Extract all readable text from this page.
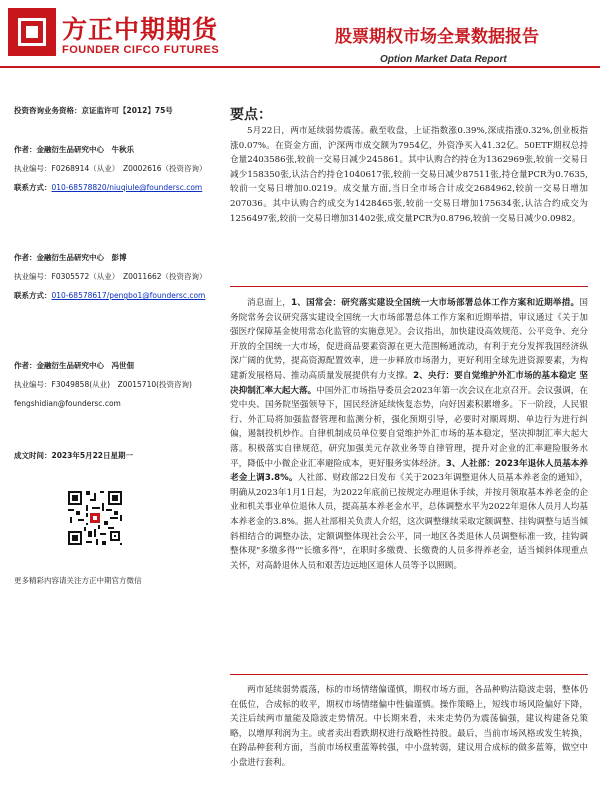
方正中期期货
FOUNDER CIFCO FUTURES
股票期权市场全景数据报告
Option Market Data Report
投资咨询业务资格：京证监许可【2012】75号
作者：金融衍生品研究中心　牛秋乐
执业编号：F0268914（从业）　Z0002616（投资咨询）
联系方式：010-68578820/niuqiule@foundersc.com
作者：金融衍生品研究中心　彭博
执业编号：F0305572（从业）　Z0011662（投资咨询）
联系方式：010-68578617/pengbo1@foundersc.com
作者：金融衍生品研究中心　冯世佃
执业编号：F3049858(从业)　Z0015710(投资咨询)
fengshidian@foundersc.com
成文时间：2023年5月22日星期一
更多精彩内容请关注方正中期官方微信
要点：

5月22日，两市延续弱势震荡。截至收盘，上证指数涨0.39%,深成指涨0.32%,创业板指涨0.07%。在资金方面，沪深两市成交额为7954亿，外资净买入41.32亿。50ETF期权总持仓量2403586张,较前一交易日减少245861。其中认购合约持仓为1362969张,较前一交易日减少158350张,认沽合约持仓1040617张,较前一交易日减少87511张,持仓量PCR为0.7635,较前一交易日增加0.0219。成交量方面,当日全市场合计成交2684962,较前一交易日增加207036。其中认购合约成交为1428465张,较前一交易日增加175634张,认沽合约成交为1256497张,较前一交易日增加31402张,成交量PCR为0.8796,较前一交易日减少0.0982。

消息面上，1、国常会：研究落实建设全国统一大市场部署总体工作方案和近期举措。国务院常务会议研究落实建设全国统一大市场部署总体工作方案和近期举措，审议通过《关于加强医疗保障基金使用常态化监管的实施意见》。会议指出，加快建设高效规范、公平竞争、充分开放的全国统一大市场，促进商品要素资源在更大范围畅通流动，有利于充分发挥我国经济纵深广阔的优势，提高资源配置效率，进一步释放市场潜力，更好利用全球先进资源要素，为构建新发展格局、推动高质量发展提供有力支撑。2、央行：要自觉维护外汇市场的基本稳定 坚决抑制汇率大起大落。中国外汇市场指导委员会2023年第一次会议在北京召开。会议强调，在党中央、国务院坚强领导下，国民经济延续恢复态势，向好因素积累增多。下一阶段，人民银行、外汇局将加强监督管理和监测分析，强化预期引导，必要时对顺周期、单边行为进行纠偏，遏制投机炒作。自律机制成员单位要自觉维护外汇市场的基本稳定，坚决抑制汇率大起大落。积极落实自律规范，研究加强美元存款业务等自律管理，提升对企业的汇率避险服务水平，降低中小微企业汇率避险成本，更好服务实体经济。3、人社部：2023年退休人员基本养老金上调3.8%。人社部、财政部22日发布《关于2023年调整退休人员基本养老金的通知》，明确从2023年1月1日起，为2022年底前已按规定办理退休手续，并按月领取基本养老金的企业和机关事业单位退休人员，提高基本养老金水平，总体调整水平为2022年退休人员月人均基本养老金的3.8%。据人社部相关负责人介绍，这次调整继续采取定额调整、挂钩调整与适当倾斜相结合的调整办法，定额调整体现社会公平，同一地区各类退休人员调整标准一致，挂钩调整体现"多缴多得""长缴多得"，在职时多缴费、长缴费的人员多得养老金，适当倾斜体现重点关怀，对高龄退休人员和艰苦边远地区退休人员等予以照顾。

两市延续弱势震荡，标的市场情绪偏谨慎，期权市场方面，各品种购沽隐波走弱，整体仍在低位，合成标的收平，期权市场情绪偏中性偏谨慎。操作策略上，短线市场风险偏好下降，关注后续两市量能及隐波走势情况。中长期来看，未来走势仍为震荡偏强，建议构建备兑策略，以增厚利润为主。或者卖出看跌期权进行战略性持股。最后，当前市场风格或发生转换，在跨品种套利方面，当前市场权重蓝筹转强，中小盘转弱，建议用合成标的做多蓝筹，做空中小盘进行套利。
